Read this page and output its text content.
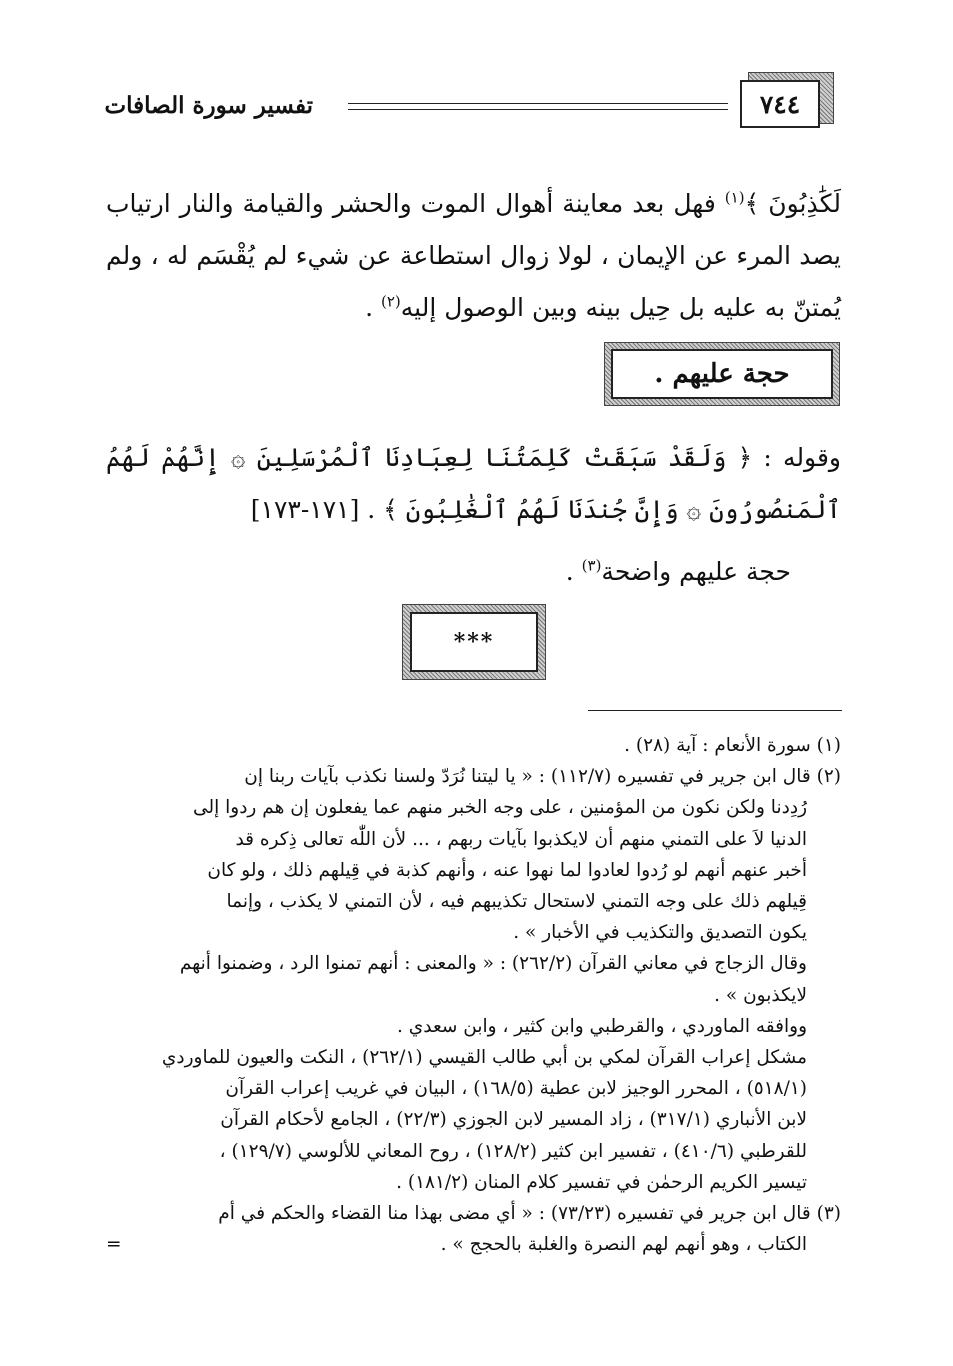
٧٤٤
تفسير سورة الصافات
لَكَٰذِبُونَ ﴾$^{(١)}$ فهل بعد معاينة أهوال الموت والحشر والقيامة والنار ارتياب يصد المرء عن الإيمان ، لولا زوال استطاعة عن شيء لم يُقْسَم له ، ولم يُمتنّ به عليه بل حِيل بينه وبين الوصول إليه$^{(٢)}$ .
حجة عليهم .
وقوله : ﴿ وَلَقَدْ سَبَقَتْ كَلِمَتُنَا لِعِبَادِنَا ٱلْمُرْسَلِينَ ۞ إِنَّهُمْ لَهُمُ ٱلْمَنصُورُونَ ۞ وَإِنَّ جُندَنَا لَهُمُ ٱلْغَٰلِبُونَ ﴾ . [١٧١-١٧٣]
حجة عليهم واضحة$^{(٣)}$ .
***
(١) سورة الأنعام : آية (٢٨) .
(٢) قال ابن جرير في تفسيره (١١٢/٧) : « يا ليتنا نُرَدّ ولسنا نكذب بآيات ربنا إن
رُدِدنا ولكن نكون من المؤمنين ، على وجه الخبر منهم عما يفعلون إن هم ردوا إلى
الدنيا لاَ على التمني منهم أن لايكذبوا بآيات ربهم ، ... لأن اللّٰه تعالى ذِكره قد
أخبر عنهم أنهم لو رُدوا لعادوا لما نهوا عنه ، وأنهم كذبة في قِيلهم ذلك ، ولو كان
قِيلهم ذلك على وجه التمني لاستحال تكذيبهم فيه ، لأن التمني لا يكذب ، وإنما
يكون التصديق والتكذيب في الأخبار » .
وقال الزجاج في معاني القرآن (٢٦٢/٢) : « والمعنى : أنهم تمنوا الرد ، وضمنوا أنهم
لايكذبون » .
ووافقه الماوردي ، والقرطبي وابن كثير ، وابن سعدي .
مشكل إعراب القرآن لمكي بن أبي طالب القيسي (٢٦٢/١) ، النكت والعيون للماوردي
(٥١٨/١) ، المحرر الوجيز لابن عطية (١٦٨/٥) ، البيان في غريب إعراب القرآن
لابن الأنباري (٣١٧/١) ، زاد المسير لابن الجوزي (٢٢/٣) ، الجامع لأحكام القرآن
للقرطبي (٤١٠/٦) ، تفسير ابن كثير (١٢٨/٢) ، روح المعاني للألوسي (١٢٩/٧) ،
تيسير الكريم الرحمٰن في تفسير كلام المنان (١٨١/٢) .
(٣) قال ابن جرير في تفسيره (٧٣/٢٣) : « أي مضى بهذا منا القضاء والحكم في أم
الكتاب ، وهو أنهم لهم النصرة والغلبة بالحجج » .
=
